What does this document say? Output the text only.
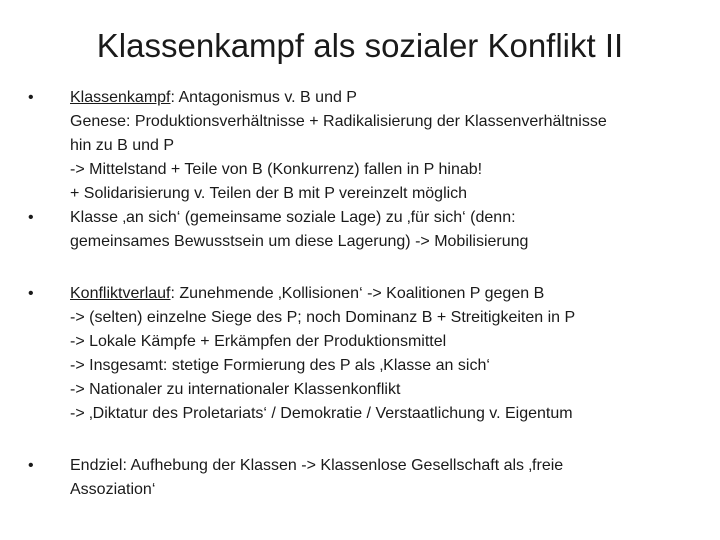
Klassenkampf als sozialer Konflikt II
•	Klassenkampf: Antagonismus v. B und P
Genese: Produktionsverhältnisse + Radikalisierung der Klassenverhältnisse
hin zu B und P
-> Mittelstand + Teile von B (Konkurrenz) fallen in P hinab!
+ Solidarisierung v. Teilen der B mit P vereinzelt möglich
•	Klasse ‚an sich‘ (gemeinsame soziale Lage) zu ‚für sich‘ (denn:
gemeinsames Bewusstsein um diese Lagerung) -> Mobilisierung
•	Konfliktverlauf: Zunehmende ‚Kollisionen‘ -> Koalitionen P gegen B
-> (selten) einzelne Siege des P; noch Dominanz B + Streitigkeiten in P
-> Lokale Kämpfe + Erkämpfen der Produktionsmittel
-> Insgesamt: stetige Formierung des P als ‚Klasse an sich‘
-> Nationaler zu internationaler Klassenkonflikt
-> ‚Diktatur des Proletariats‘ / Demokratie / Verstaatlichung v. Eigentum
•	Endziel: Aufhebung der Klassen -> Klassenlose Gesellschaft als ‚freie
Assoziation‘
